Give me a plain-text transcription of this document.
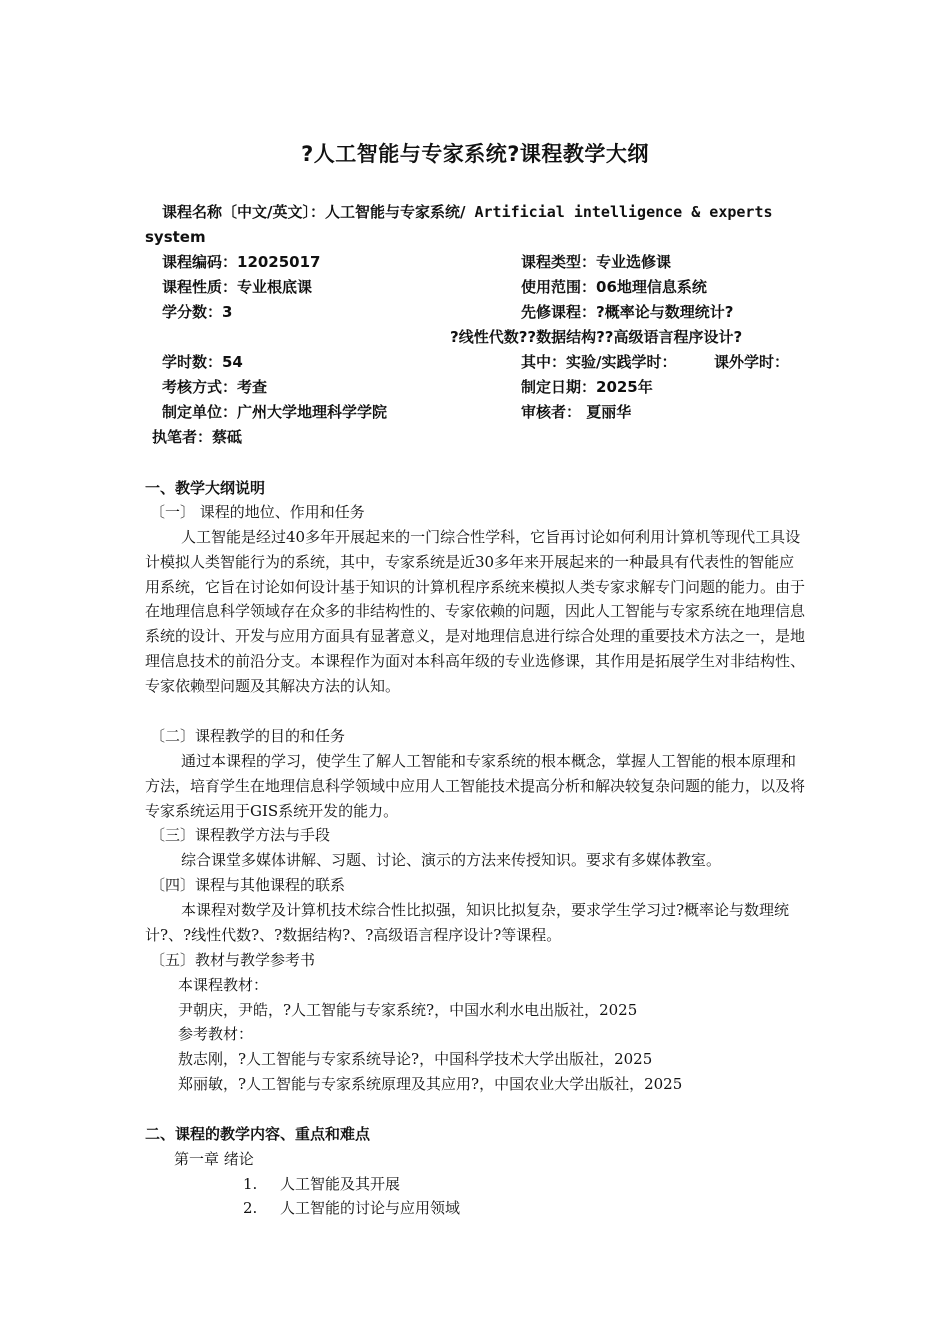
?人工智能与专家系统?课程教学大纲
课程名称〔中文/英文〕：人工智能与专家系统/ Artificial intelligence & experts
system
课程编码：12025017	课程类型：专业选修课
课程性质：专业根底课	使用范围：06地理信息系统
学分数：3	先修课程：?概率论与数理统计?
?线性代数??数据结构??高级语言程序设计?
学时数：54	其中：实验/实践学时：	课外学时：
考核方式：考查	制定日期：2025年
制定单位：广州大学地理科学学院	审核者： 夏丽华
执笔者：蔡砥
一、教学大纲说明
〔一〕 课程的地位、作用和任务
人工智能是经过40多年开展起来的一门综合性学科，它旨再讨论如何利用计算机等现代工具设计模拟人类智能行为的系统，其中，专家系统是近30多年来开展起来的一种最具有代表性的智能应用系统，它旨在讨论如何设计基于知识的计算机程序系统来模拟人类专家求解专门问题的能力。由于在地理信息科学领域存在众多的非结构性的、专家依赖的问题，因此人工智能与专家系统在地理信息系统的设计、开发与应用方面具有显著意义，是对地理信息进行综合处理的重要技术方法之一，是地理信息技术的前沿分支。本课程作为面对本科高年级的专业选修课，其作用是拓展学生对非结构性、专家依赖型问题及其解决方法的认知。
〔二〕课程教学的目的和任务
通过本课程的学习，使学生了解人工智能和专家系统的根本概念，掌握人工智能的根本原理和方法，培育学生在地理信息科学领域中应用人工智能技术提高分析和解决较复杂问题的能力，以及将专家系统运用于GIS系统开发的能力。
〔三〕课程教学方法与手段
综合课堂多媒体讲解、习题、讨论、演示的方法来传授知识。要求有多媒体教室。
〔四〕课程与其他课程的联系
本课程对数学及计算机技术综合性比拟强，知识比拟复杂，要求学生学习过?概率论与数理统计?、?线性代数?、?数据结构?、?高级语言程序设计?等课程。
〔五〕教材与教学参考书
本课程教材：
尹朝庆，尹皓，?人工智能与专家系统?，中国水利水电出版社，2025
参考教材：
敖志刚，?人工智能与专家系统导论?，中国科学技术大学出版社，2025
郑丽敏，?人工智能与专家系统原理及其应用?，中国农业大学出版社，2025
二、课程的教学内容、重点和难点
第一章 绪论
1. 人工智能及其开展
2. 人工智能的讨论与应用领域
